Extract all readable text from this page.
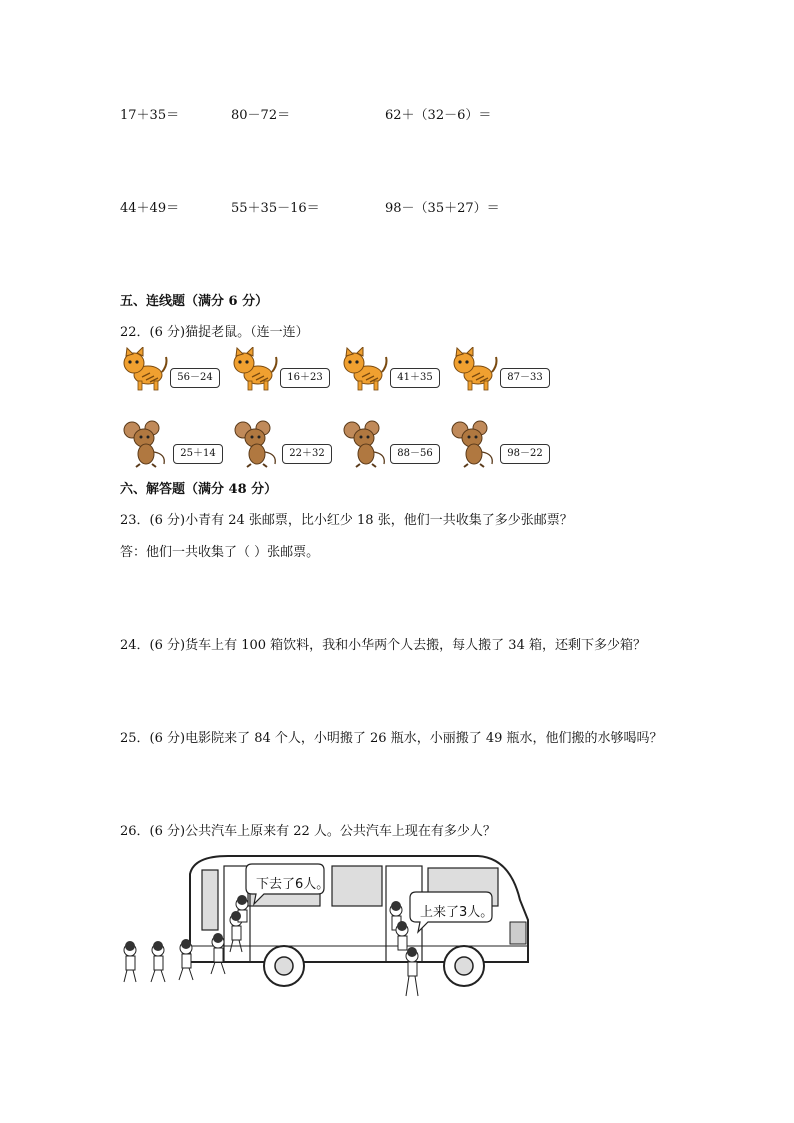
17＋35＝	80－72＝	62＋（32－6）＝
44＋49＝	55＋35－16＝	98－（35＋27）＝
五、连线题（满分 6 分）
22．(6 分)猫捉老鼠。（连一连）
56－24	16＋23	41＋35	87－33
25＋14	22＋32	88－56	98－22
六、解答题（满分 48 分）
23．(6 分)小青有 24 张邮票，比小红少 18 张，他们一共收集了多少张邮票？
答：他们一共收集了（ ）张邮票。
24．(6 分)货车上有 100 箱饮料，我和小华两个人去搬，每人搬了 34 箱，还剩下多少箱？
25．(6 分)电影院来了 84 个人，小明搬了 26 瓶水，小丽搬了 49 瓶水，他们搬的水够喝吗？
26．(6 分)公共汽车上原来有 22 人。公共汽车上现在有多少人？
下去了6人。
上来了3人。
